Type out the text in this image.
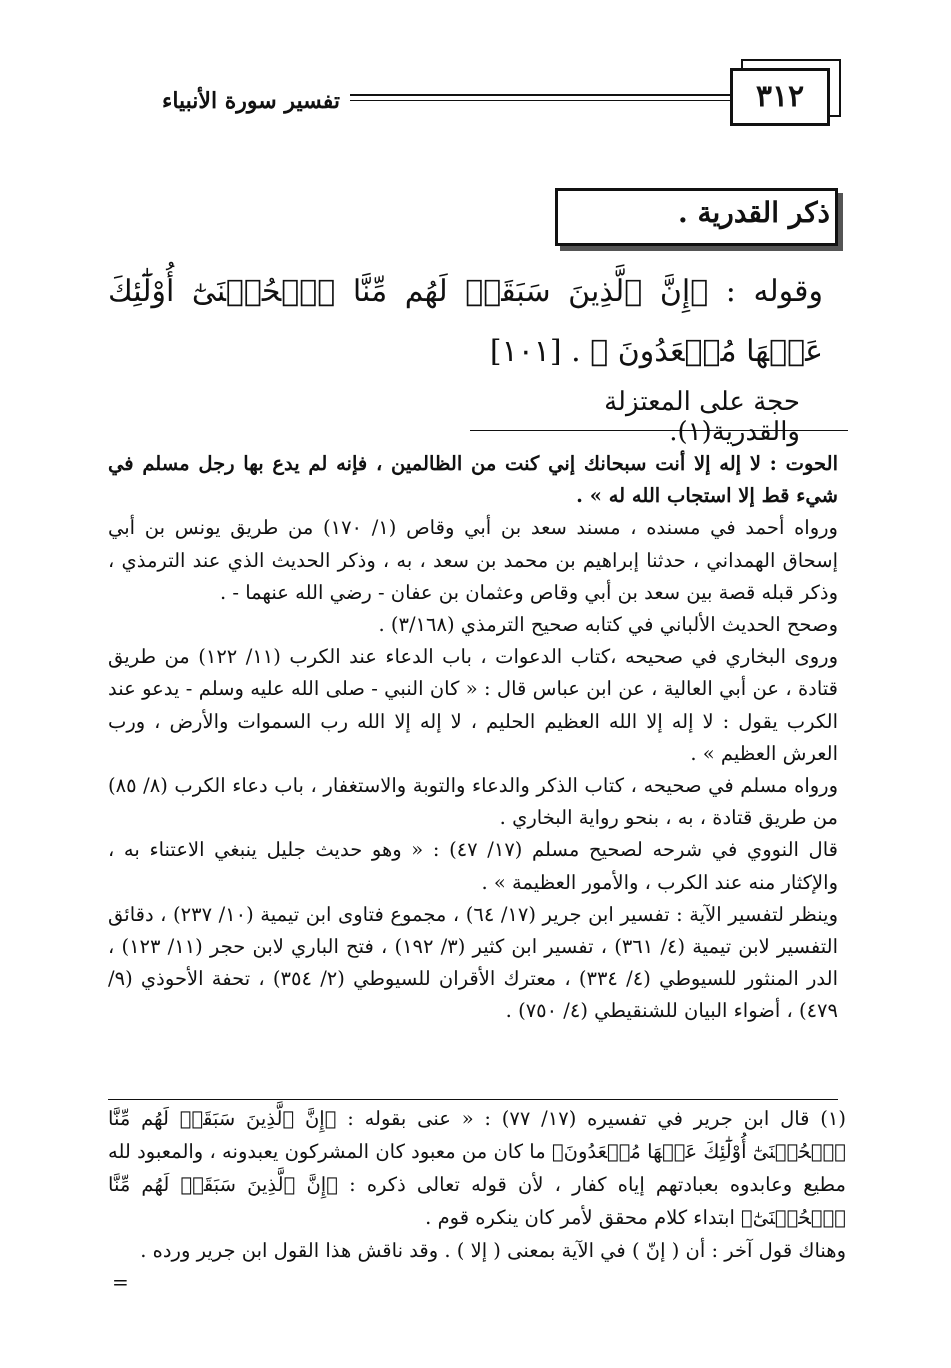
٣١٢
تفسير سورة الأنبياء
ذكر القدرية .
وقوله : ﴿إِنَّ ٱلَّذِينَ سَبَقَتۡ لَهُم مِّنَّا ٱلۡحُسۡنَىٰٓ أُوْلَٰٓئِكَ عَنۡهَا مُبۡعَدُونَ ﴾ . [١٠١]
حجة على المعتزلة والقدرية(١).

الحوت : لا إله إلا أنت سبحانك إني كنت من الظالمين ، فإنه لم يدع بها رجل مسلم في شيء قط إلا استجاب الله له » .

ورواه أحمد في مسنده ، مسند سعد بن أبي وقاص (١/ ١٧٠) من طريق يونس بن أبي إسحاق الهمداني ، حدثنا إبراهيم بن محمد بن سعد ، به ، وذكر الحديث الذي عند الترمذي ، وذكر قبله قصة بين سعد بن أبي وقاص وعثمان بن عفان - رضي الله عنهما - .

وصحح الحديث الألباني في كتابه صحيح الترمذي (٣/١٦٨) .

وروى البخاري في صحيحه ،كتاب الدعوات ، باب الدعاء عند الكرب (١١/ ١٢٢) من طريق قتادة ، عن أبي العالية ، عن ابن عباس قال : « كان النبي - صلى الله عليه وسلم - يدعو عند الكرب يقول : لا إله إلا الله العظيم الحليم ، لا إله إلا الله رب السموات والأرض ، ورب العرش العظيم » .

ورواه مسلم في صحيحه ، كتاب الذكر والدعاء والتوبة والاستغفار ، باب دعاء الكرب (٨/ ٨٥) من طريق قتادة ، به ، بنحو رواية البخاري .

قال النووي في شرحه لصحيح مسلم (١٧/ ٤٧) : « وهو حديث جليل ينبغي الاعتناء به ، والإكثار منه عند الكرب ، والأمور العظيمة » .

وينظر لتفسير الآية : تفسير ابن جرير (١٧/ ٦٤) ، مجموع فتاوى ابن تيمية (١٠/ ٢٣٧) ، دقائق التفسير لابن تيمية (٤/ ٣٦١) ، تفسير ابن كثير (٣/ ١٩٢) ، فتح الباري لابن حجر (١١/ ١٢٣) ، الدر المنثور للسيوطي (٤/ ٣٣٤) ، معترك الأقران للسيوطي (٢/ ٣٥٤) ، تحفة الأحوذي (٩/ ٤٧٩) ، أضواء البيان للشنقيطي (٤/ ٧٥٠) .

(١) قال ابن جرير في تفسيره (١٧/ ٧٧) : « عنى بقوله : ﴿إِنَّ ٱلَّذِينَ سَبَقَتۡ لَهُم مِّنَّا ٱلۡحُسۡنَىٰٓ أُوْلَٰٓئِكَ عَنۡهَا مُبۡعَدُونَ﴾ ما كان من معبود كان المشركون يعبدونه ، والمعبود لله مطيع وعابدوه بعبادتهم إياه كفار ، لأن قوله تعالى ذكره : ﴿إِنَّ ٱلَّذِينَ سَبَقَتۡ لَهُم مِّنَّا ٱلۡحُسۡنَىٰٓ﴾ ابتداء كلام محقق لأمر كان ينكره قوم .

وهناك قول آخر : أن ( إنّ ) في الآية بمعنى ( إلا ) . وقد ناقش هذا القول ابن جرير ورده .

=
